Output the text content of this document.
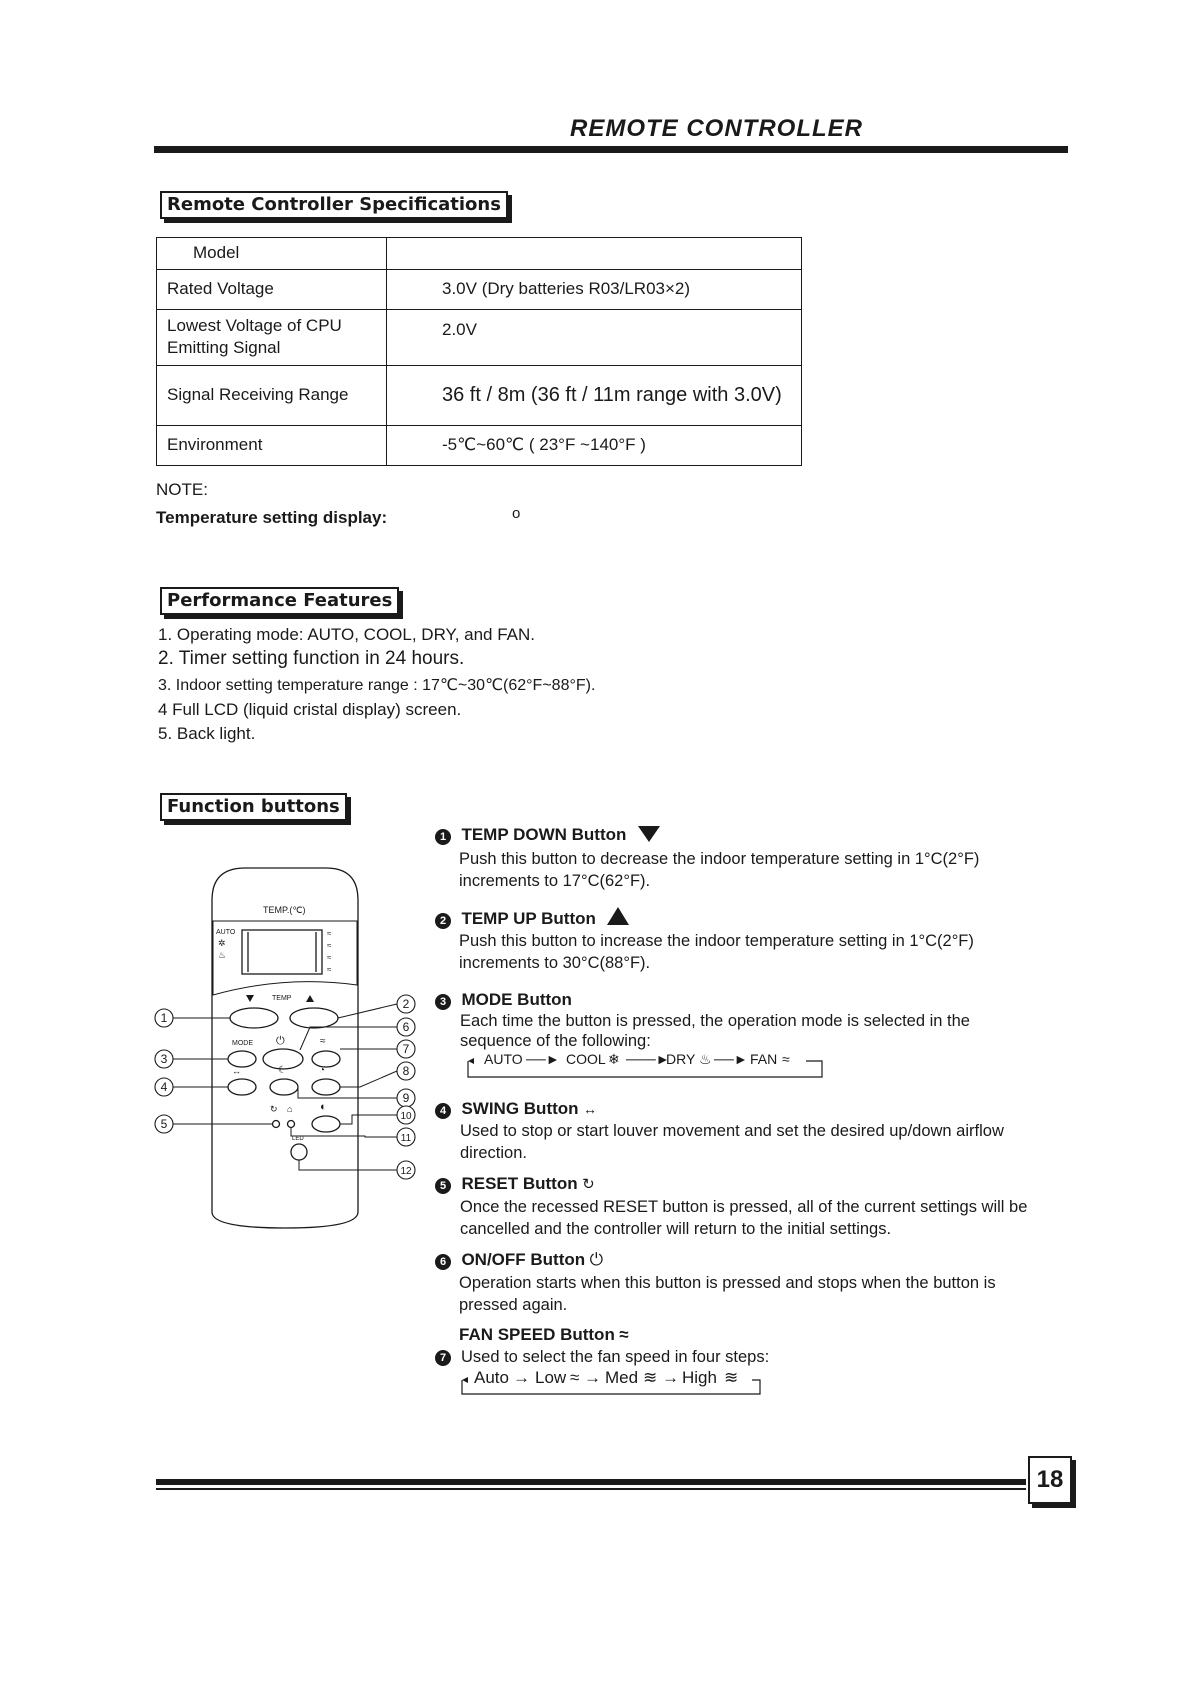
REMOTE CONTROLLER
Remote Controller Specifications
Model	
Rated Voltage	3.0V (Dry batteries R03/LR03×2)
Lowest Voltage of CPU Emitting Signal	2.0V
Signal Receiving Range	36 ft / 8m (36 ft / 11m range with 3.0V)
Environment	-5℃~60℃ ( 23°F ~140°F )
NOTE:
Temperature setting display:	o
Performance Features
1. Operating mode: AUTO, COOL, DRY, and FAN.
2. Timer setting function in 24 hours.
3. Indoor setting temperature range : 17℃~30℃(62°F~88°F).
4 Full LCD (liquid cristal display) screen.
5. Back light.
Function buttons
TEMP.(℃)
AUTO
✲
♨
≈
≈
≈
≈
TEMP
MODE ⏻	≈
↔	☾	◔
↻ ⌂	◐
LED
1
2
3
4
5
6
7
8
9
10
11
12
1 TEMP DOWN Button
Push this button to decrease the indoor temperature setting in 1°C(2°F) increments to 17°C(62°F).
2 TEMP UP Button
Push this button to increase the indoor temperature setting in 1°C(2°F) increments to 30°C(88°F).
3 MODE Button
Each time the button is pressed, the operation mode is selected in the sequence of the following:
AUTO ──► COOL ❄ ───►
DRY ♨ ──► FAN ≈
4 SWING Button ↔
Used to stop or start louver movement and set the desired up/down airflow direction.
5 RESET Button ↻
Once the recessed RESET button is pressed, all of the current settings will be cancelled and the controller will return to the initial settings.
6 ON/OFF Button ⏻
Operation starts when this button is pressed and stops when the button is pressed again.
FAN SPEED Button ≈
7 Used to select the fan speed in four steps:
Auto → Low ≈ → Med ≋ → High ≋
18
